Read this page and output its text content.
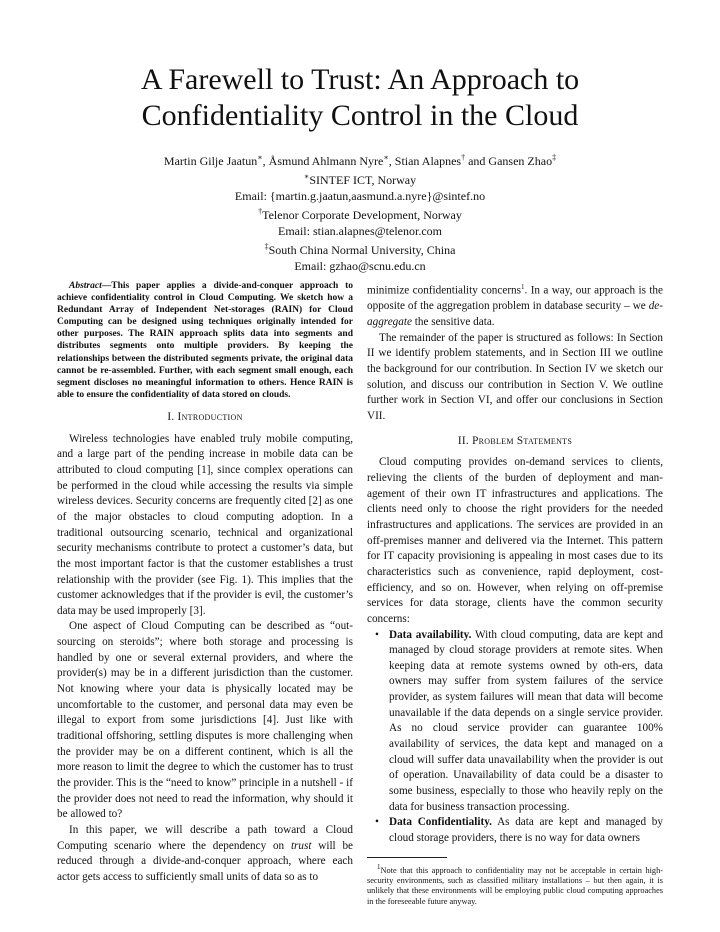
A Farewell to Trust: An Approach to
Confidentiality Control in the Cloud
Martin Gilje Jaatun∗, Åsmund Ahlmann Nyre∗, Stian Alapnes† and Gansen Zhao‡
∗SINTEF ICT, Norway
Email: {martin.g.jaatun,aasmund.a.nyre}@sintef.no
†Telenor Corporate Development, Norway
Email: stian.alapnes@telenor.com
‡South China Normal University, China
Email: gzhao@scnu.edu.cn

Abstract—This paper applies a divide-and-conquer approach to achieve confidentiality control in Cloud Computing. We sketch how a Redundant Array of Independent Net-storages (RAIN) for Cloud Computing can be designed using techniques originally intended for other purposes. The RAIN approach splits data into segments and distributes segments onto multiple providers. By keeping the relationships between the distributed segments private, the original data cannot be re-assembled. Further, with each segment small enough, each segment discloses no meaningful information to others. Hence RAIN is able to ensure the confidentiality of data stored on clouds.

I. Introduction

Wireless technologies have enabled truly mobile computing, and a large part of the pending increase in mobile data can be attributed to cloud computing [1], since complex operations can be performed in the cloud while accessing the results via simple wireless devices. Security concerns are frequently cited [2] as one of the major obstacles to cloud computing adoption. In a traditional outsourcing scenario, technical and organizational security mechanisms contribute to protect a customer’s data, but the most important factor is that the customer establishes a trust relationship with the provider (see Fig. 1). This implies that the customer acknowledges that if the provider is evil, the customer’s data may be used improperly [3].

One aspect of Cloud Computing can be described as “out-sourcing on steroids”; where both storage and processing is handled by one or several external providers, and where the provider(s) may be in a different jurisdiction than the customer. Not knowing where your data is physically located may be uncomfortable to the customer, and personal data may even be illegal to export from some jurisdictions [4]. Just like with traditional offshoring, settling disputes is more challenging when the provider may be on a different continent, which is all the more reason to limit the degree to which the customer has to trust the provider. This is the “need to know” principle in a nutshell - if the provider does not need to read the information, why should it be allowed to?

In this paper, we will describe a path toward a Cloud Computing scenario where the dependency on trust will be reduced through a divide-and-conquer approach, where each actor gets access to sufficiently small units of data so as to

minimize confidentiality concerns$^1$. In a way, our approach is the opposite of the aggregation problem in database security – we de-aggregate the sensitive data.

The remainder of the paper is structured as follows: In Section II we identify problem statements, and in Section III we outline the background for our contribution. In Section IV we sketch our solution, and discuss our contribution in Section V. We outline further work in Section VI, and offer our conclusions in Section VII.

II. Problem Statements

Cloud computing provides on-demand services to clients, relieving the clients of the burden of deployment and man-agement of their own IT infrastructures and applications. The clients need only to choose the right providers for the needed infrastructures and applications. The services are provided in an off-premises manner and delivered via the Internet. This pattern for IT capacity provisioning is appealing in most cases due to its characteristics such as convenience, rapid deployment, cost-efficiency, and so on. However, when relying on off-premise services for data storage, clients have the common security concerns:

• Data availability. With cloud computing, data are kept and managed by cloud storage providers at remote sites. When keeping data at remote systems owned by oth-ers, data owners may suffer from system failures of the service provider, as system failures will mean that data will become unavailable if the data depends on a single service provider. As no cloud service provider can guarantee 100% availability of services, the data kept and managed on a cloud will suffer data unavailability when the provider is out of operation. Unavailability of data could be a disaster to some business, especially to those who heavily reply on the data for business transaction processing.
• Data Confidentiality. As data are kept and managed by cloud storage providers, there is no way for data owners

$^1$Note that this approach to confidentiality may not be acceptable in certain high-security environments, such as classified military installations – but then again, it is unlikely that these environments will be employing public cloud computing approaches in the foreseeable future anyway.
